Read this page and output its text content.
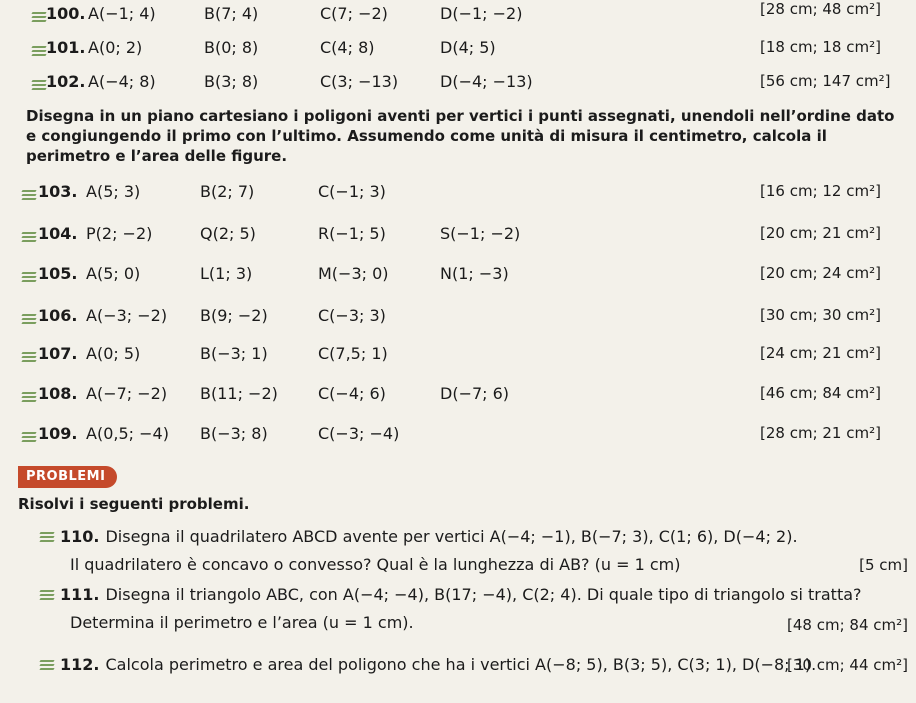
100. A(−1; 4)	B(7; 4)	C(7; −2)	D(−1; −2)	[28 cm; 48 cm²]
101. A(0; 2)	B(0; 8)	C(4; 8)	D(4; 5)	[18 cm; 18 cm²]
102. A(−4; 8)	B(3; 8)	C(3; −13)	D(−4; −13)	[56 cm; 147 cm²]
Disegna in un piano cartesiano i poligoni aventi per vertici i punti assegnati, unendoli nell’ordine dato e congiungendo il primo con l’ultimo. Assumendo come unità di misura il centimetro, calcola il perimetro e l’area delle figure.
103. A(5; 3)	B(2; 7)	C(−1; 3)	[16 cm; 12 cm²]
104. P(2; −2)	Q(2; 5)	R(−1; 5)	S(−1; −2)	[20 cm; 21 cm²]
105. A(5; 0)	L(1; 3)	M(−3; 0)	N(1; −3)	[20 cm; 24 cm²]
106. A(−3; −2) B(9; −2)	C(−3; 3)	[30 cm; 30 cm²]
107. A(0; 5)	B(−3; 1)	C(7,5; 1)	[24 cm; 21 cm²]
108. A(−7; −2) B(11; −2)	C(−4; 6)	D(−7; 6)	[46 cm; 84 cm²]
109. A(0,5; −4) B(−3; 8)	C(−3; −4)	[28 cm; 21 cm²]
PROBLEMI
Risolvi i seguenti problemi.
110. Disegna il quadrilatero ABCD avente per vertici A(−4; −1), B(−7; 3), C(1; 6), D(−4; 2).
Il quadrilatero è concavo o convesso? Qual è la lunghezza di AB? (u = 1 cm)	[5 cm]
111. Disegna il triangolo ABC, con A(−4; −4), B(17; −4), C(2; 4). Di quale tipo di triangolo si tratta?
Determina il perimetro e l’area (u = 1 cm).	[48 cm; 84 cm²]
112. Calcola perimetro e area del poligono che ha i vertici A(−8; 5), B(3; 5), C(3; 1), D(−8; 1).
[30 cm; 44 cm²]
